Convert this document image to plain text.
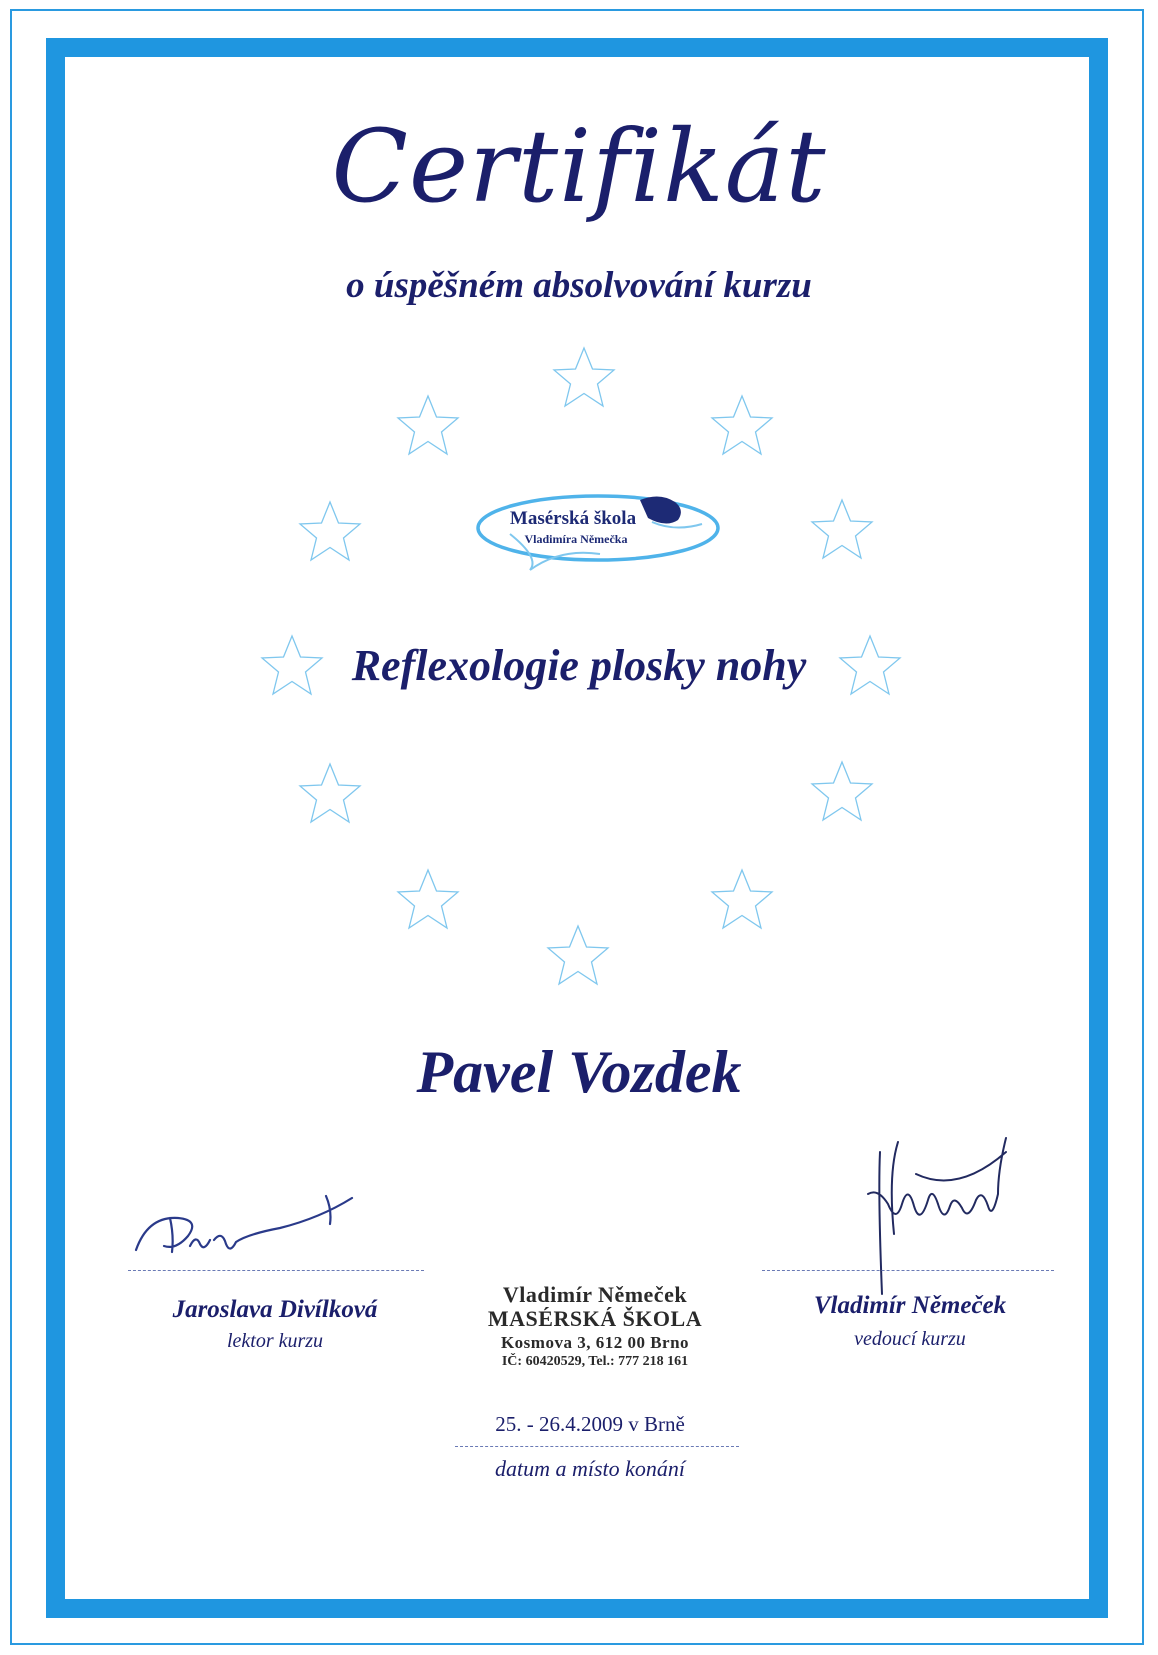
Certifikát
o úspěšném absolvování kurzu
Masérská škola
Vladimíra Němečka
Reflexologie plosky nohy
Pavel Vozdek
Jaroslava Divílková
lektor kurzu
Vladimír Němeček
vedoucí kurzu
Vladimír Němeček
MASÉRSKÁ ŠKOLA
Kosmova 3, 612 00 Brno
IČ: 60420529, Tel.: 777 218 161
25. - 26.4.2009 v Brně
datum a místo konání
